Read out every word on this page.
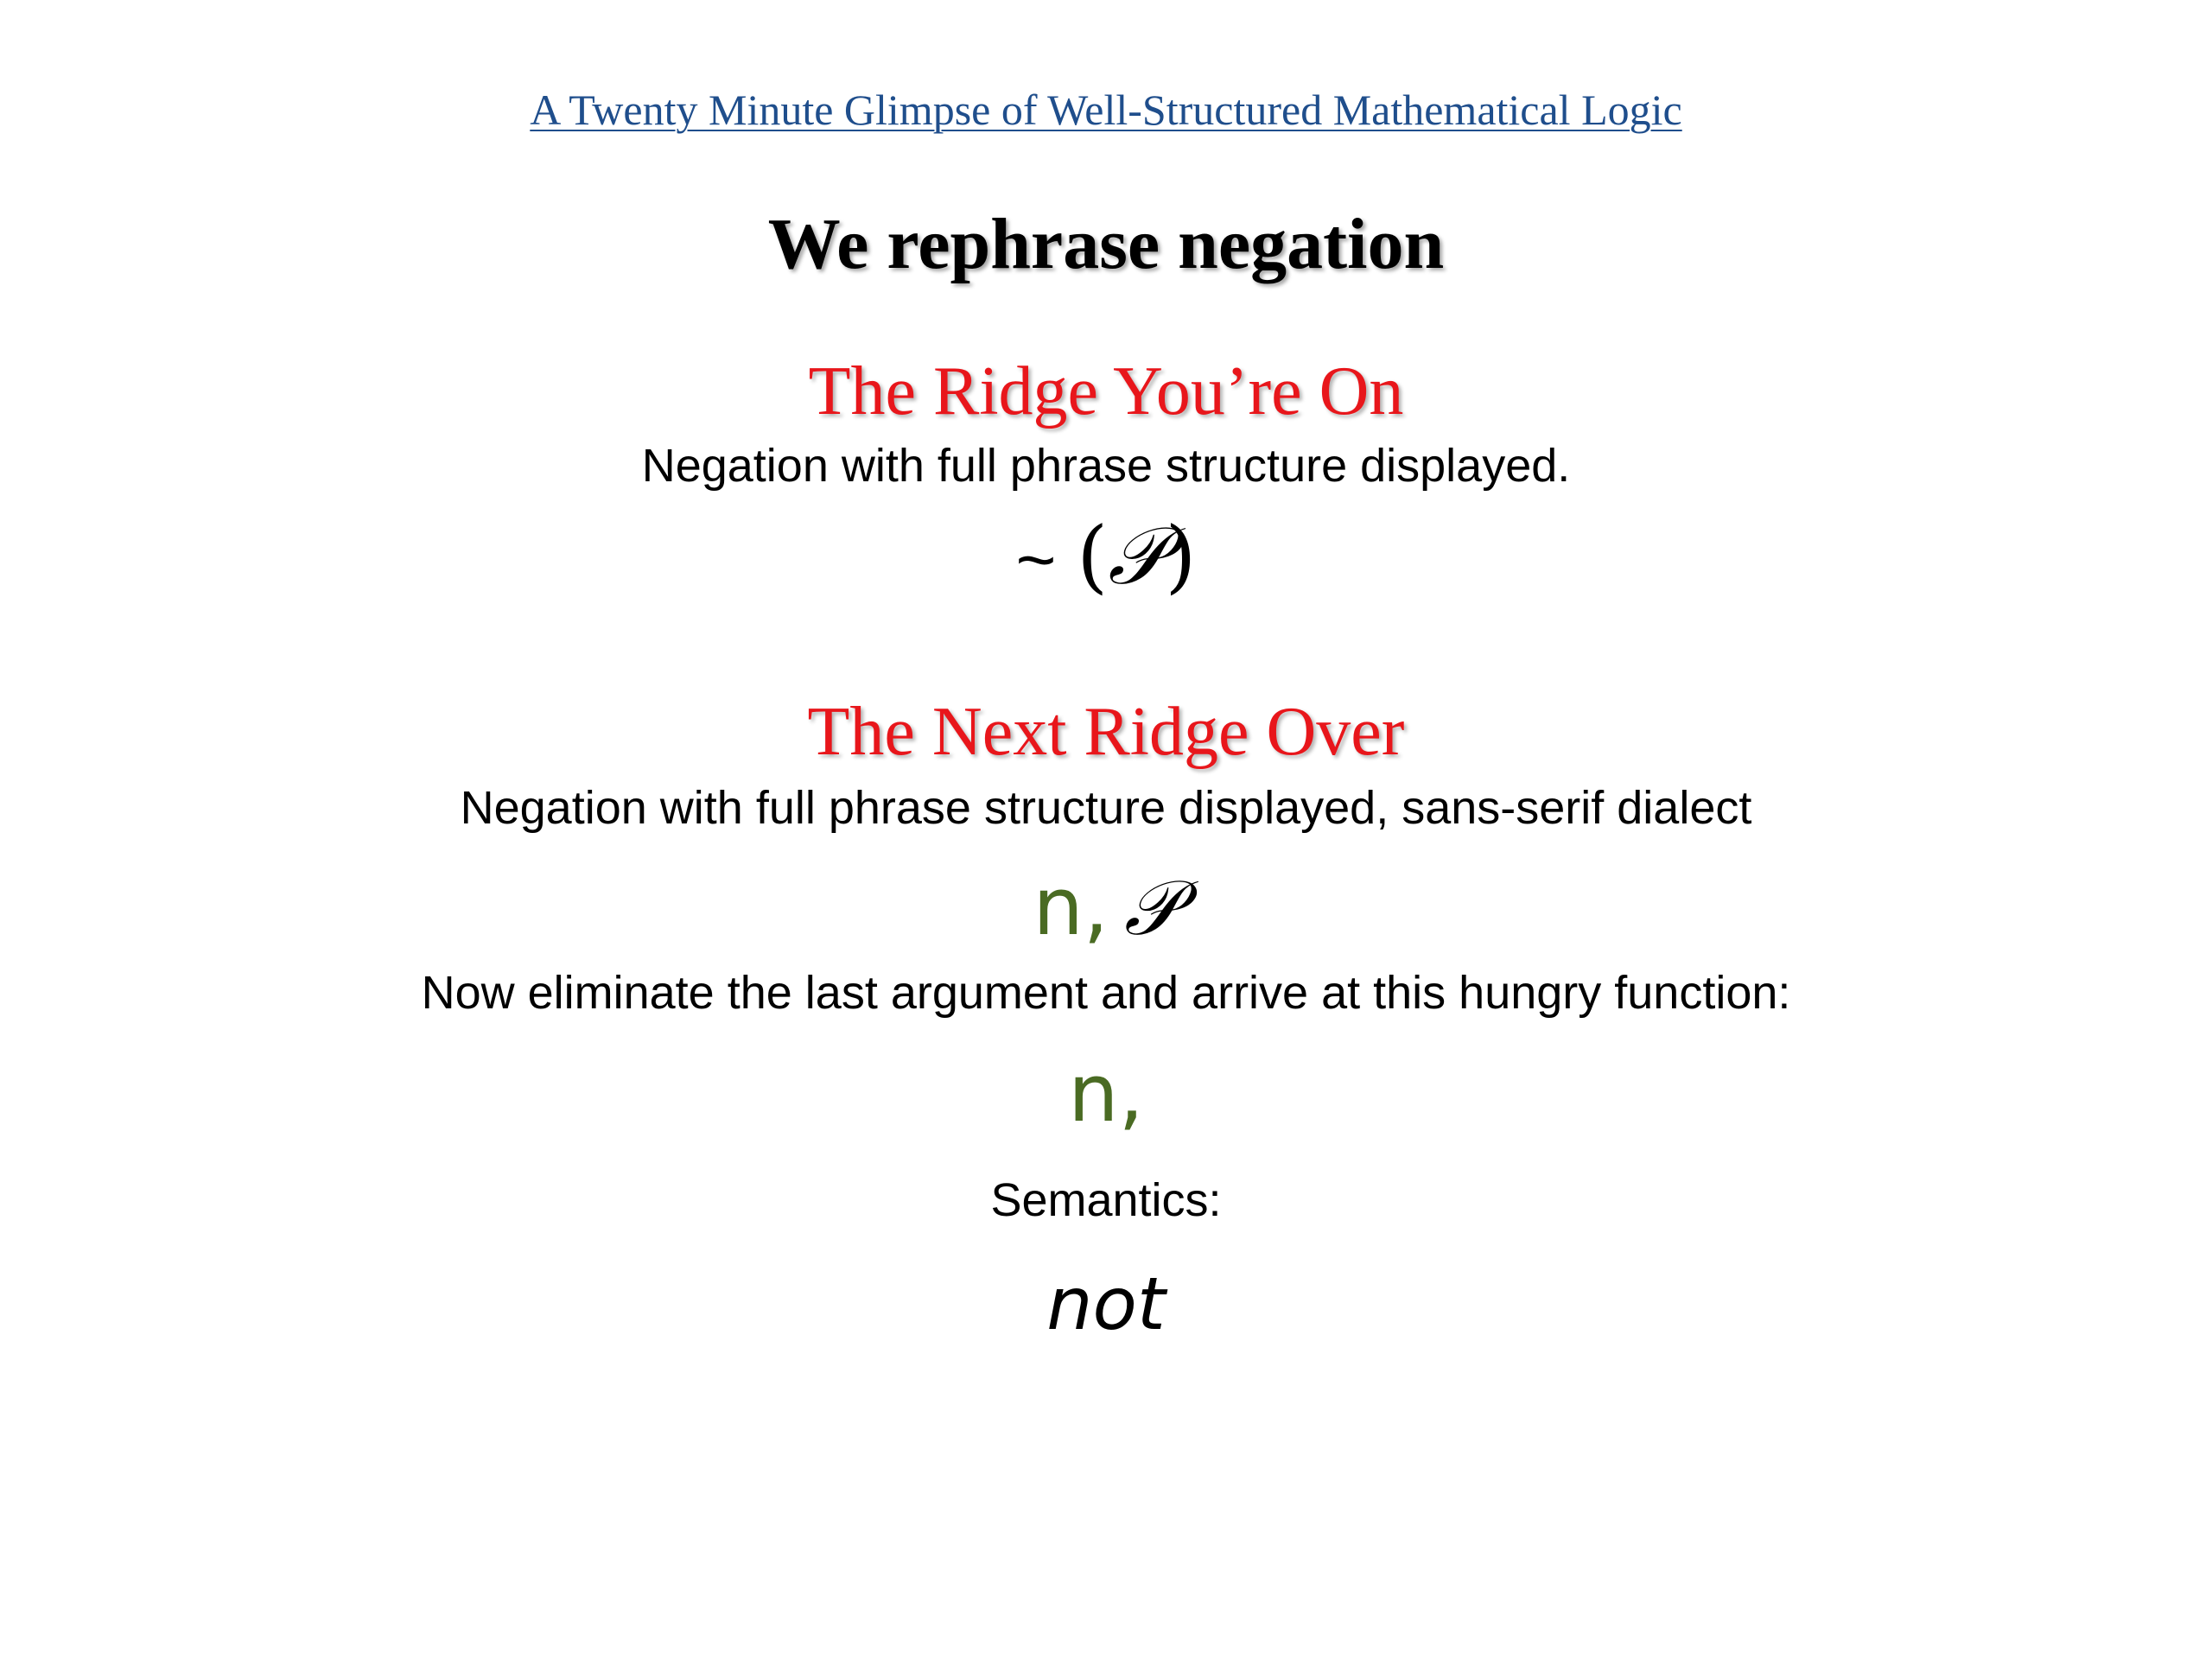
A Twenty Minute Glimpse of Well-Structured Mathematical Logic
We rephrase negation
The Ridge You’re On
Negation with full phrase structure displayed.
~ (𝒫)
The Next Ridge Over
Negation with full phrase structure displayed, sans-serif dialect
n, 𝒫
Now eliminate the last argument and arrive at this hungry function:
n,
Semantics:
not
